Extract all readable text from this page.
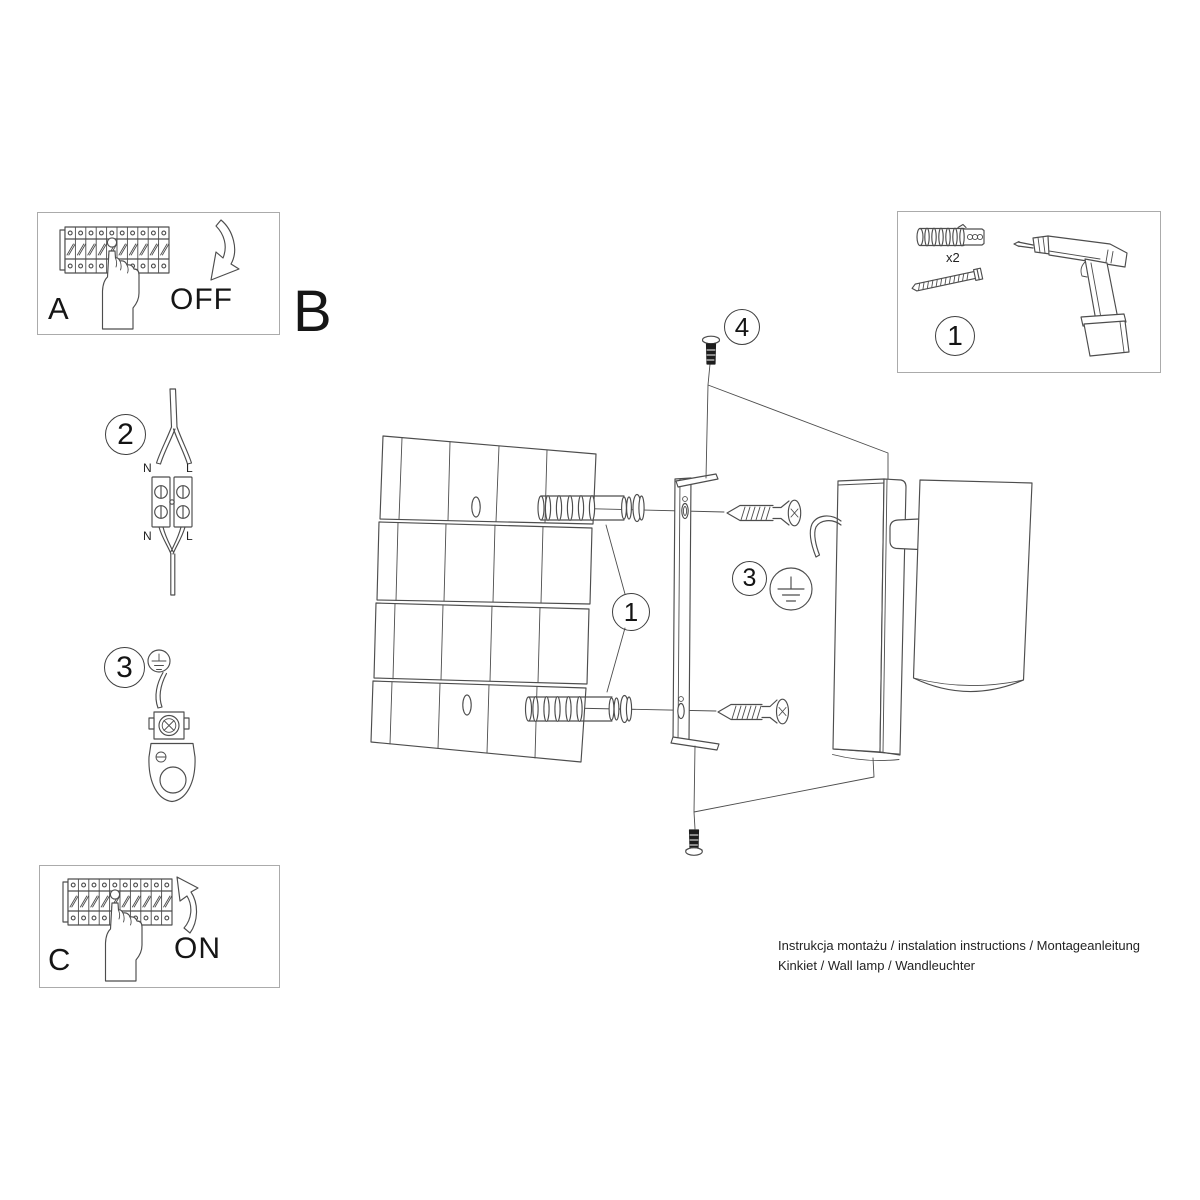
A	OFF B
C	ON
x2
1
2
3
1
3
4
N	L
N	L
Instrukcja montażu / instalation instructions / Montageanleitung
Kinkiet / Wall lamp / Wandleuchter
